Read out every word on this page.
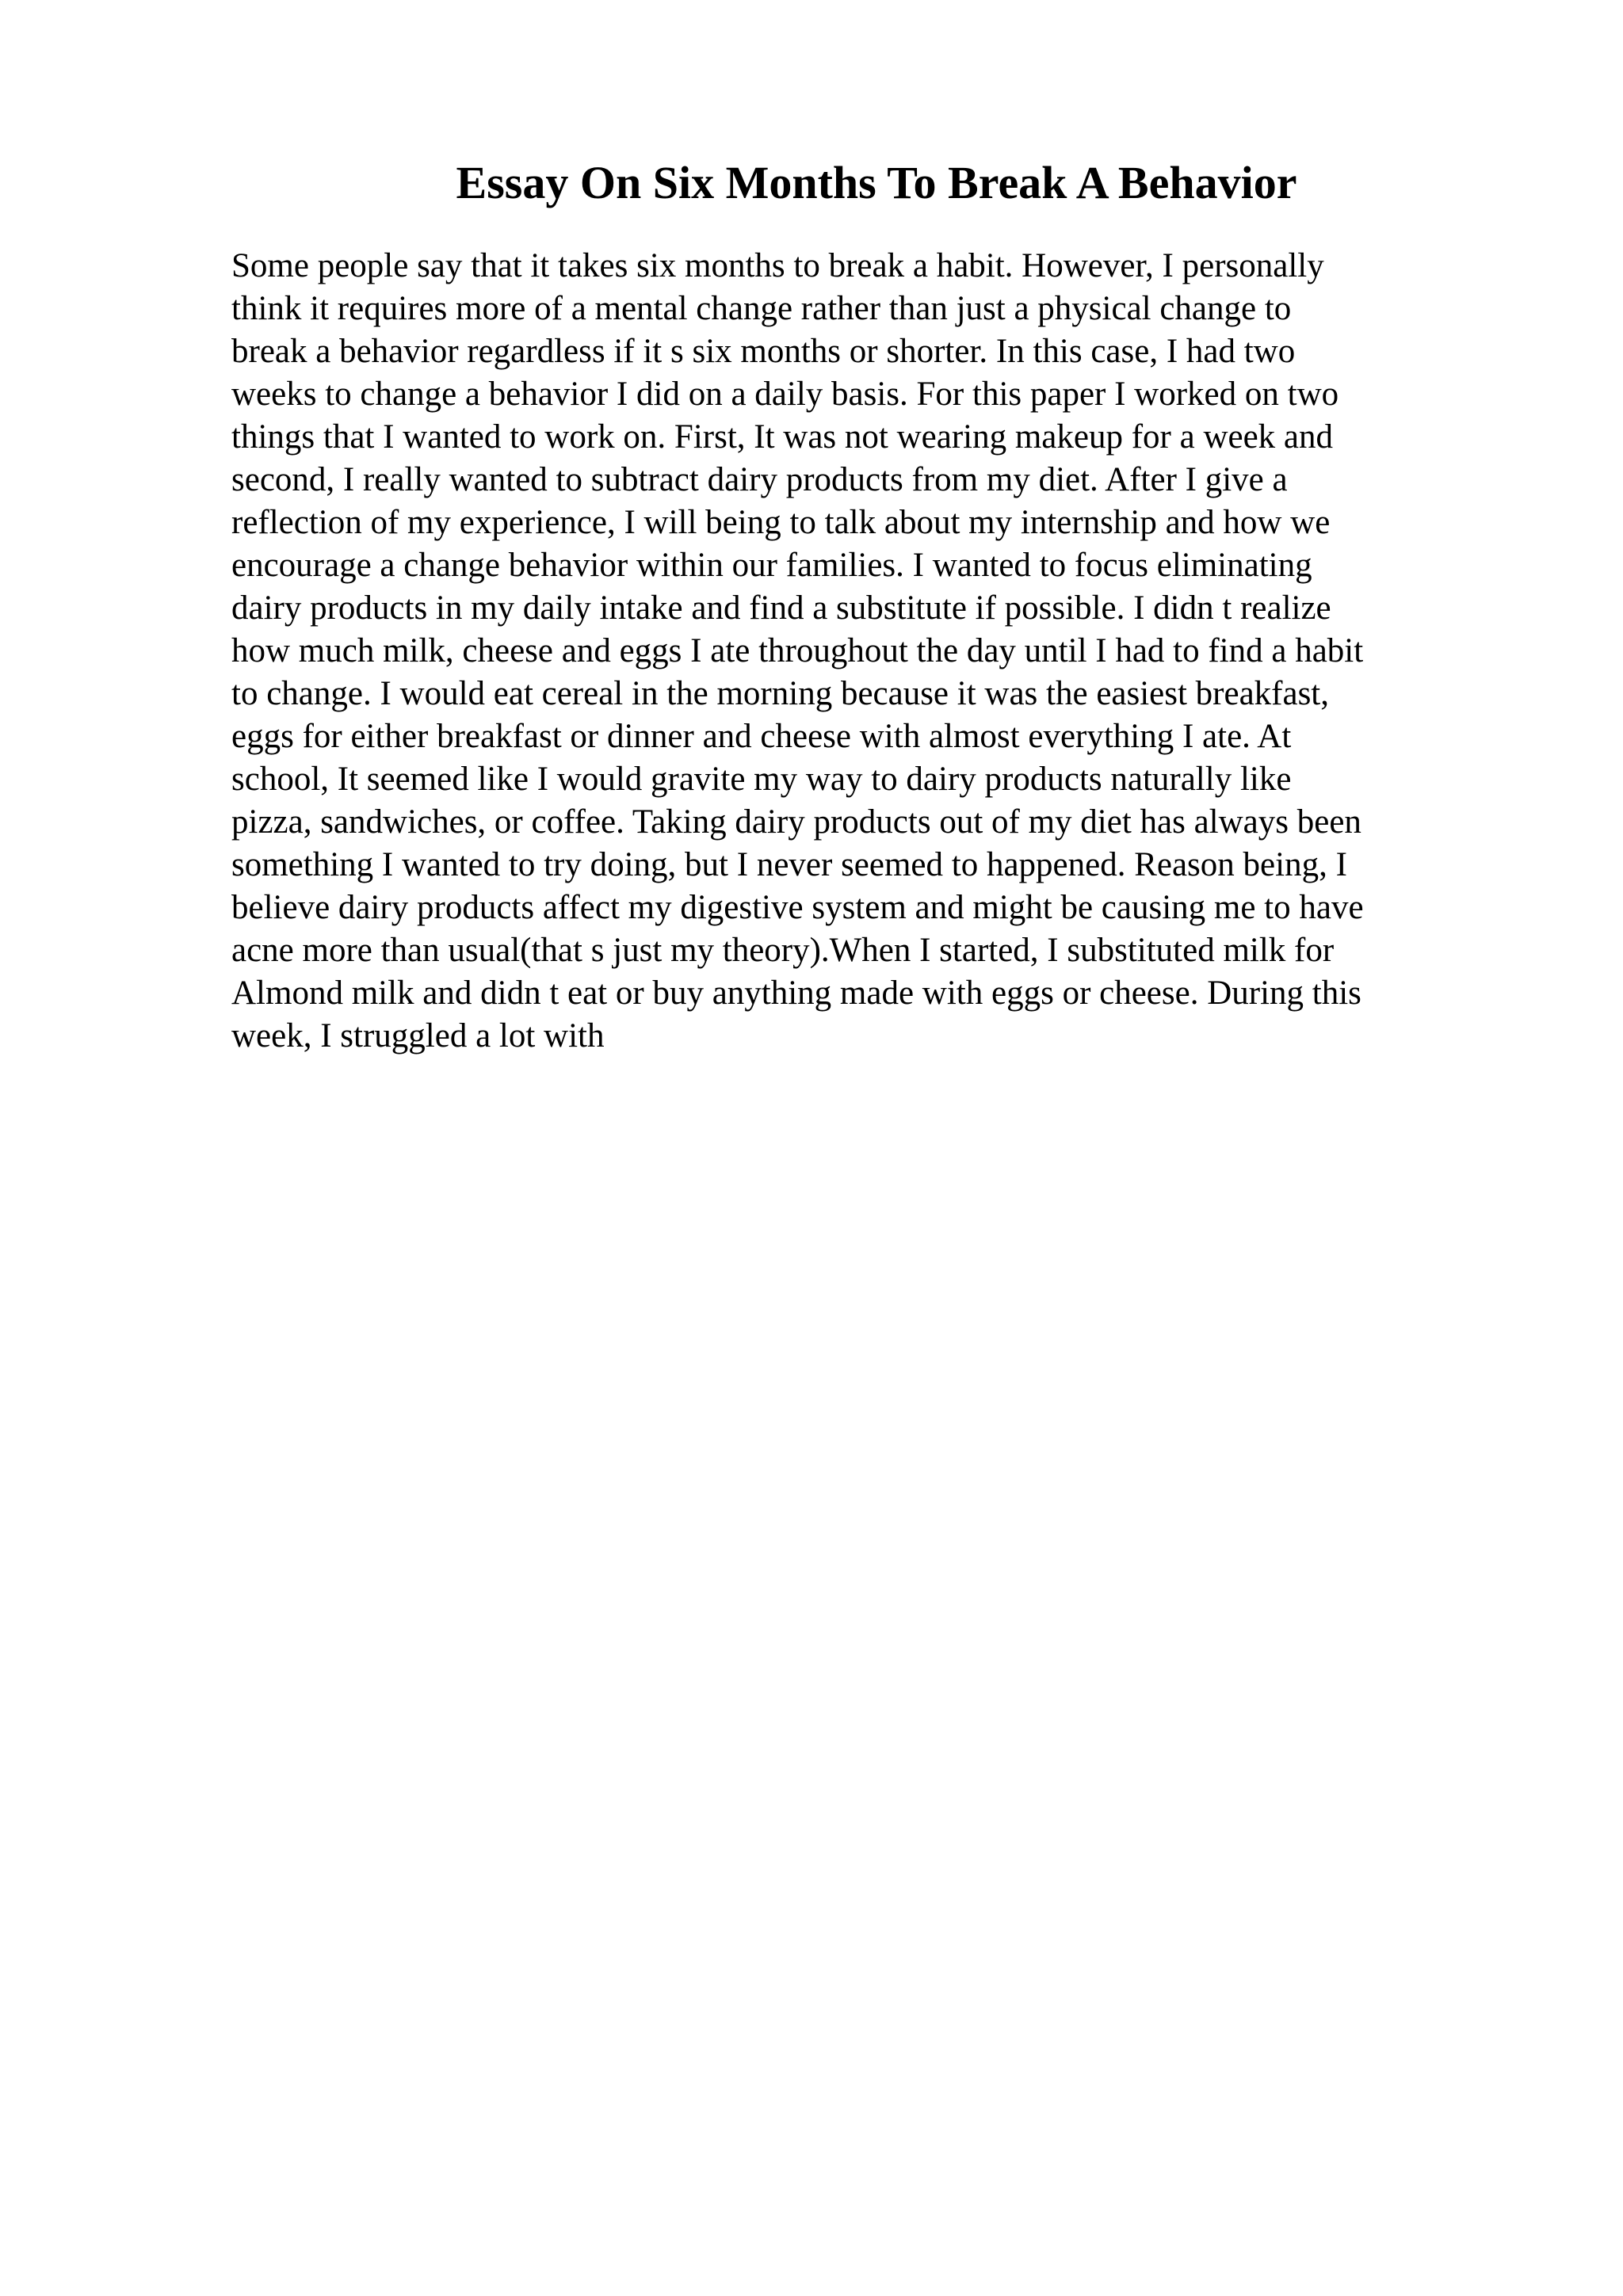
Essay On Six Months To Break A Behavior
Some people say that it takes six months to break a habit. However, I personally
think it requires more of a mental change rather than just a physical change to
break a behavior regardless if it s six months or shorter. In this case, I had two
weeks to change a behavior I did on a daily basis. For this paper I worked on two
things that I wanted to work on. First, It was not wearing makeup for a week and
second, I really wanted to subtract dairy products from my diet. After I give a
reflection of my experience, I will being to talk about my internship and how we
encourage a change behavior within our families. I wanted to focus eliminating
dairy products in my daily intake and find a substitute if possible. I didn t realize
how much milk, cheese and eggs I ate throughout the day until I had to find a habit
to change. I would eat cereal in the morning because it was the easiest breakfast,
eggs for either breakfast or dinner and cheese with almost everything I ate. At
school, It seemed like I would gravite my way to dairy products naturally like
pizza, sandwiches, or coffee. Taking dairy products out of my diet has always been
something I wanted to try doing, but I never seemed to happened. Reason being, I
believe dairy products affect my digestive system and might be causing me to have
acne more than usual(that s just my theory).When I started, I substituted milk for
Almond milk and didn t eat or buy anything made with eggs or cheese. During this
week, I struggled a lot with
